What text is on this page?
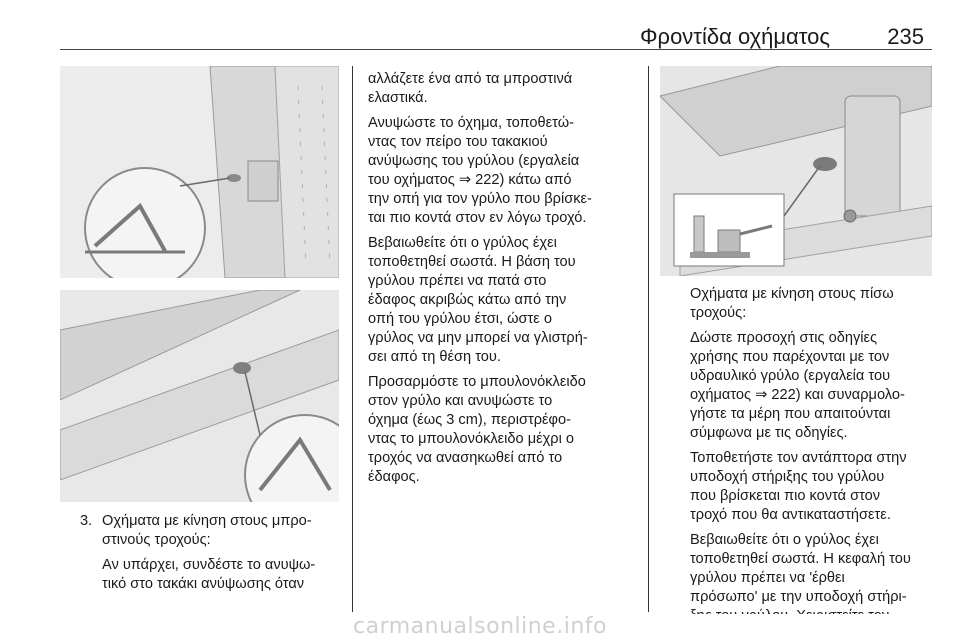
Φροντίδα οχήματος	235
3. Οχήματα με κίνηση στους μπρο-
στινούς τροχούς:
Αν υπάρχει, συνδέστε το ανυψω-
τικό στο τακάκι ανύψωσης όταν

αλλάζετε ένα από τα μπροστινά
ελαστικά.

Ανυψώστε το όχημα, τοποθετώ-
ντας τον πείρο του τακακιού
ανύψωσης του γρύλου (εργαλεία
του οχήματος ⇒ 222) κάτω από
την οπή για τον γρύλο που βρίσκε-
ται πιο κοντά στον εν λόγω τροχό.

Βεβαιωθείτε ότι ο γρύλος έχει
τοποθετηθεί σωστά. Η βάση του
γρύλου πρέπει να πατά στο
έδαφος ακριβώς κάτω από την
οπή του γρύλου έτσι, ώστε ο
γρύλος να μην μπορεί να γλιστρή-
σει από τη θέση του.

Προσαρμόστε το μπουλονόκλειδο
στον γρύλο και ανυψώστε το
όχημα (έως 3 cm), περιστρέφο-
ντας το μπουλονόκλειδο μέχρι ο
τροχός να ανασηκωθεί από το
έδαφος.

Οχήματα με κίνηση στους πίσω
τροχούς:

Δώστε προσοχή στις οδηγίες
χρήσης που παρέχονται με τον
υδραυλικό γρύλο (εργαλεία του
οχήματος ⇒ 222) και συναρμολο-
γήστε τα μέρη που απαιτούνται
σύμφωνα με τις οδηγίες.

Τοποθετήστε τον αντάπτορα στην
υποδοχή στήριξης του γρύλου
που βρίσκεται πιο κοντά στον
τροχό που θα αντικαταστήσετε.

Βεβαιωθείτε ότι ο γρύλος έχει
τοποθετηθεί σωστά. Η κεφαλή του
γρύλου πρέπει να 'έρθει
πρόσωπο' με την υποδοχή στήρι-

carmanualsonline.info
